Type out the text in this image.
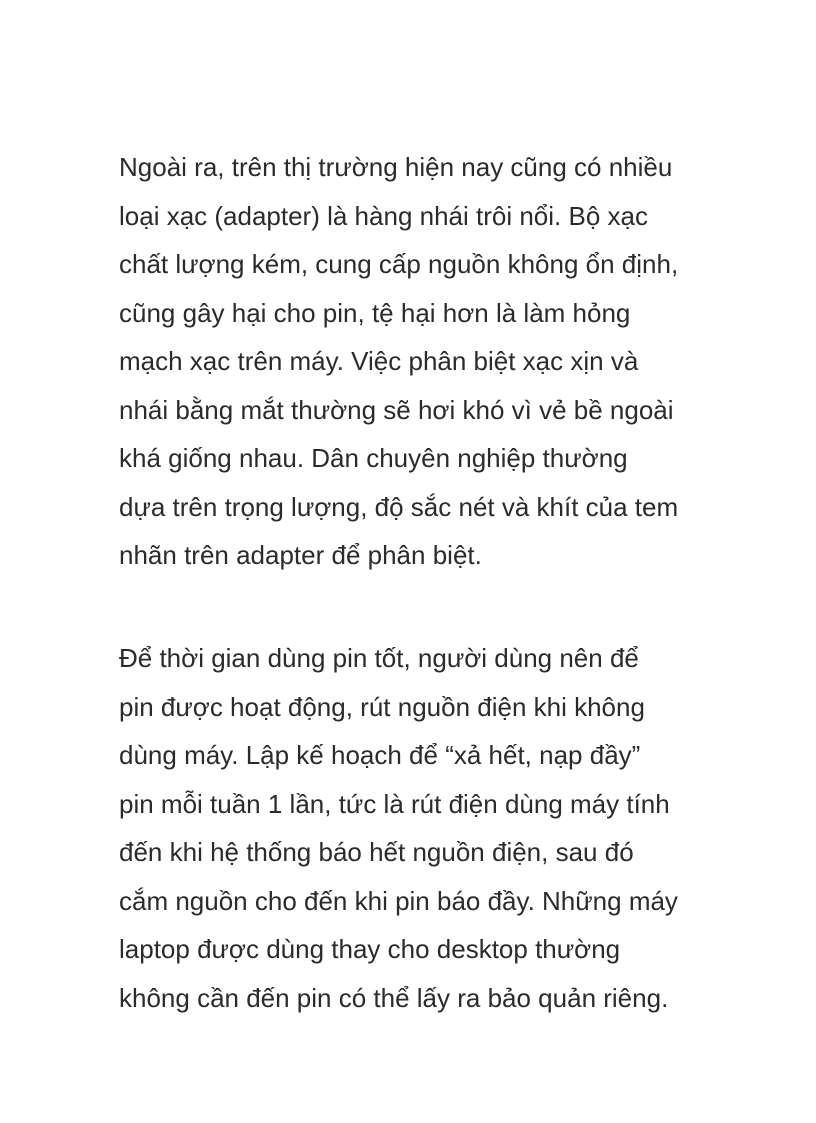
Ngoài ra, trên thị trường hiện nay cũng có nhiều
loại xạc (adapter) là hàng nhái trôi nổi. Bộ xạc
chất lượng kém, cung cấp nguồn không ổn định,
cũng gây hại cho pin, tệ hại hơn là làm hỏng
mạch xạc trên máy. Việc phân biệt xạc xịn và
nhái bằng mắt thường sẽ hơi khó vì vẻ bề ngoài
khá giống nhau. Dân chuyên nghiệp thường
dựa trên trọng lượng, độ sắc nét và khít của tem
nhãn trên adapter để phân biệt.

Để thời gian dùng pin tốt, người dùng nên để
pin được hoạt động, rút nguồn điện khi không
dùng máy. Lập kế hoạch để “xả hết, nạp đầy”
pin mỗi tuần 1 lần, tức là rút điện dùng máy tính
đến khi hệ thống báo hết nguồn điện, sau đó
cắm nguồn cho đến khi pin báo đầy. Những máy
laptop được dùng thay cho desktop thường
không cần đến pin có thể lấy ra bảo quản riêng.
